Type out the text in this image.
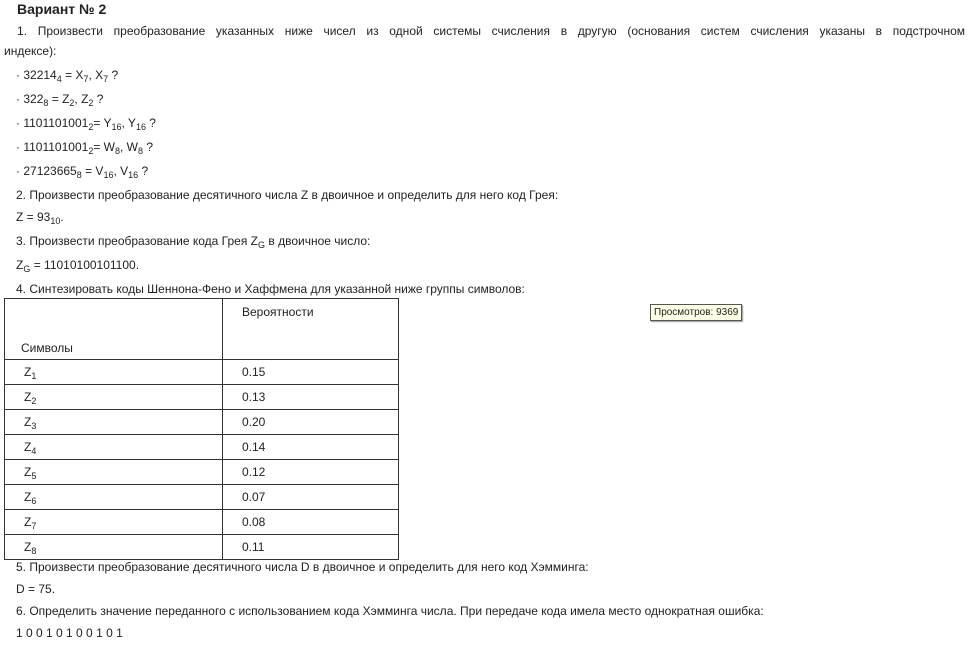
Вариант № 2
1. Произвести преобразование указанных ниже чисел из одной системы счисления в другую (основания систем счисления указаны в подстрочном
индексе):
· $32214_4 = X_7$, $X_7$ ?
· $322_8 = Z_2$, $Z_2$ ?
· $1101101001_2= Y_{16}$, $Y_{16}$ ?
· $1101101001_2= W_8$, $W_8$ ?
· $27123665_8 = V_{16}$, $V_{16}$ ?
2. Произвести преобразование десятичного числа Z в двоичное и определить для него код Грея:
$Z = 93_{10}$.
3. Произвести преобразование кода Грея $Z_G$ в двоичное число:
$Z_G = 11010100101100$.
4. Синтезировать коды Шеннона-Фено и Хаффмена для указанной ниже группы символов:
Символы	Вероятности
$Z_1$	0.15
$Z_2$	0.13
$Z_3$	0.20
$Z_4$	0.14
$Z_5$	0.12
$Z_6$	0.07
$Z_7$	0.08
$Z_8$	0.11
Просмотров: 9369
5. Произвести преобразование десятичного числа D в двоичное и определить для него код Хэмминга:
D = 75.
6. Определить значение переданного с использованием кода Хэмминга числа. При передаче кода имела место однократная ошибка:
1 0 0 1 0 1 0 0 1 0 1
